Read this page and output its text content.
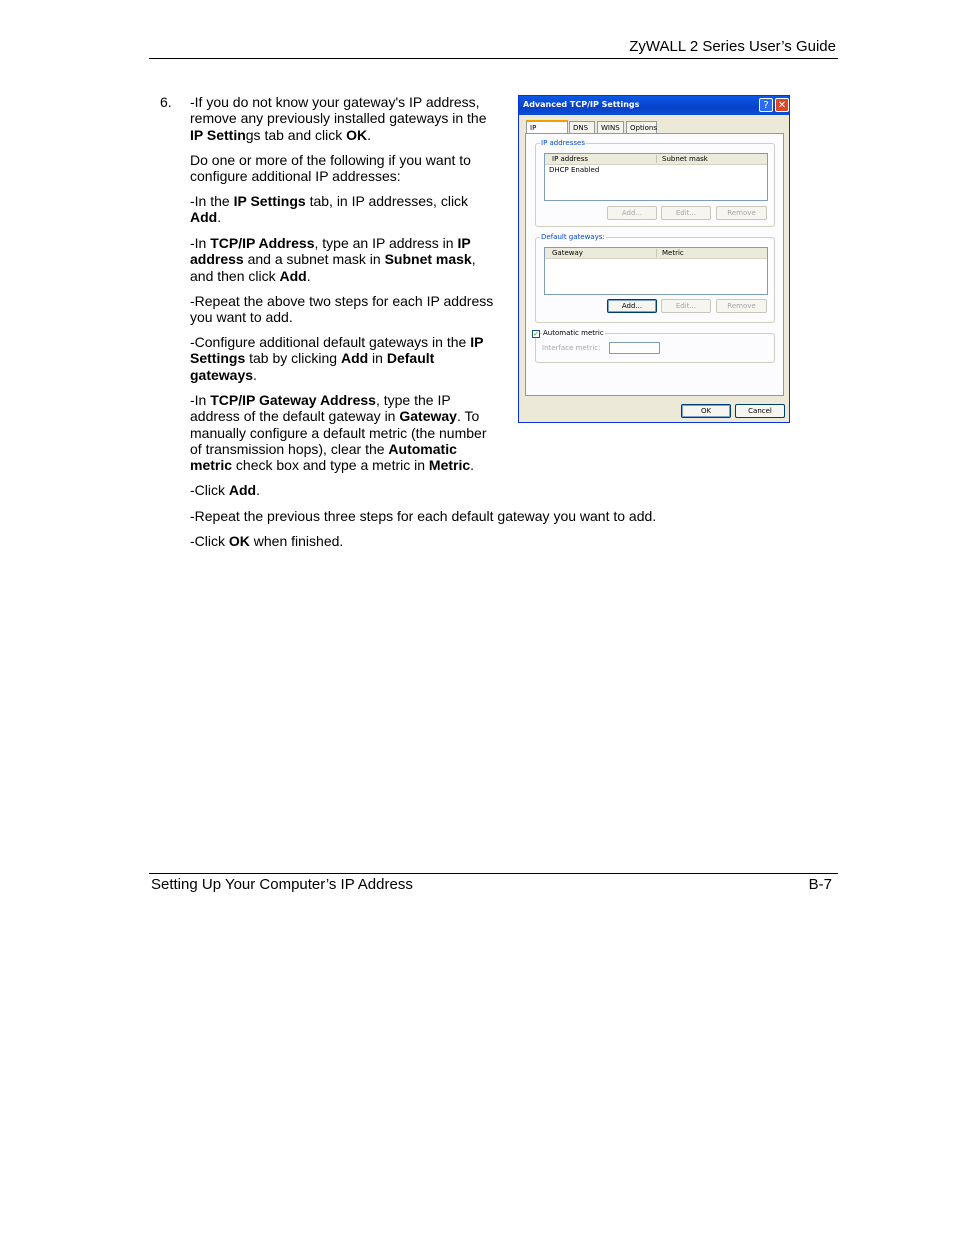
ZyWALL 2 Series User’s Guide
6. -If you do not know your gateway's IP address, remove any previously installed gateways in the IP Settings tab and click OK.
Do one or more of the following if you want to configure additional IP addresses:
-In the IP Settings tab, in IP addresses, click Add.
-In TCP/IP Address, type an IP address in IP address and a subnet mask in Subnet mask, and then click Add.
-Repeat the above two steps for each IP address you want to add.
-Configure additional default gateways in the IP Settings tab by clicking Add in Default gateways.
-In TCP/IP Gateway Address, type the IP address of the default gateway in Gateway. To manually configure a default metric (the number of transmission hops), clear the Automatic metric check box and type a metric in Metric.
-Click Add.
-Repeat the previous three steps for each default gateway you want to add.
-Click OK when finished.
Advanced TCP/IP Settings	? ✕
IP	DNS	WINS	Options
IP addresses
IP address	Subnet mask
DHCP Enabled
Add...	Edit...	Remove
Default gateways:
Gateway	Metric
Add...	Edit...	Remove
✓ Automatic metric
Interface metric:
OK	Cancel
Setting Up Your Computer’s IP Address	B-7
